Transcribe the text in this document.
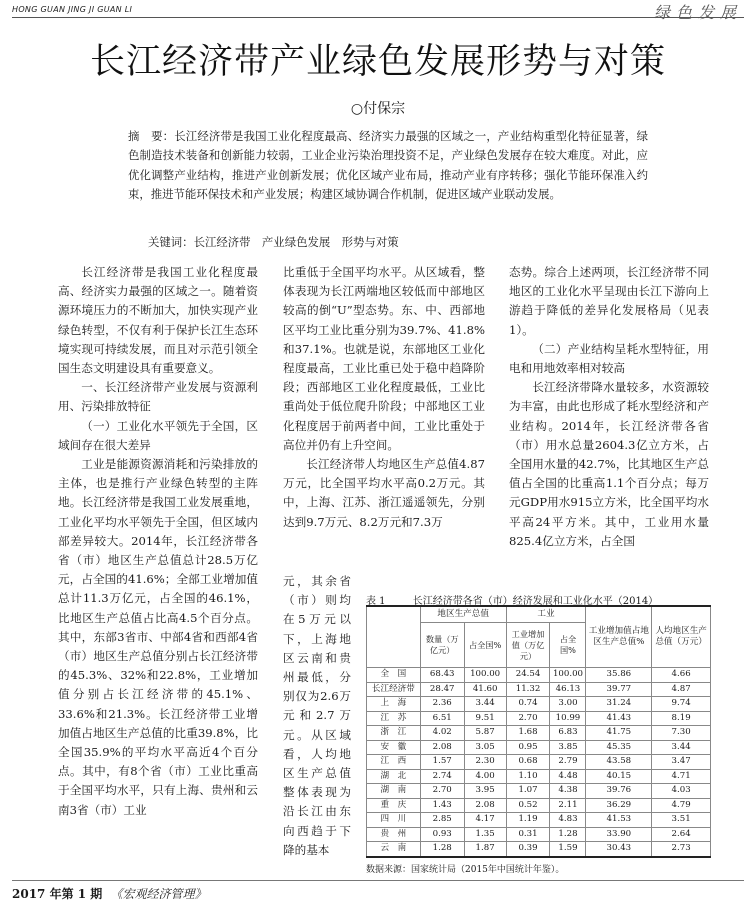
HONG GUAN JING JI GUAN LI	绿色发展
长江经济带产业绿色发展形势与对策
○付保宗
摘　要：长江经济带是我国工业化程度最高、经济实力最强的区域之一，产业结构重型化特征显著，绿色制造技术装备和创新能力较弱，工业企业污染治理投资不足，产业绿色发展存在较大难度。对此，应优化调整产业结构，推进产业创新发展；优化区域产业布局，推动产业有序转移；强化节能环保准入约束，推进节能环保技术和产业发展；构建区域协调合作机制，促进区域产业联动发展。
关键词：长江经济带　产业绿色发展　形势与对策

长江经济带是我国工业化程度最高、经济实力最强的区域之一。随着资源环境压力的不断加大，加快实现产业绿色转型，不仅有利于保护长江生态环境实现可持续发展，而且对示范引领全国生态文明建设具有重要意义。

一、长江经济带产业发展与资源利用、污染排放特征

（一）工业化水平领先于全国，区域间存在很大差异

工业是能源资源消耗和污染排放的主体，也是推行产业绿色转型的主阵地。长江经济带是我国工业发展重地，工业化平均水平领先于全国，但区域内部差异较大。2014年，长江经济带各省（市）地区生产总值总计28.5万亿元，占全国的41.6%；全部工业增加值总计11.3万亿元，占全国的46.1%，比地区生产总值占比高4.5个百分点。其中，东部3省市、中部4省和西部4省（市）地区生产总值分别占长江经济带的45.3%、32%和22.8%，工业增加值分别占长江经济带的45.1%、33.6%和21.3%。长江经济带工业增加值占地区生产总值的比重39.8%，比全国35.9%的平均水平高近4个百分点。其中，有8个省（市）工业比重高于全国平均水平，只有上海、贵州和云南3省（市）工业

比重低于全国平均水平。从区域看，整体表现为长江两端地区较低而中部地区较高的倒“U”型态势。东、中、西部地区平均工业比重分别为39.7%、41.8%和37.1%。也就是说，东部地区工业化程度最高，工业比重已处于稳中趋降阶段；西部地区工业化程度最低，工业比重尚处于低位爬升阶段；中部地区工业化程度居于前两者中间，工业比重处于高位并仍有上升空间。

长江经济带人均地区生产总值4.87万元，比全国平均水平高0.2万元。其中，上海、江苏、浙江遥遥领先，分别达到9.7万元、8.2万元和7.3万

元，其余省（市）则均在5万元以下，上海地区云南和贵州最低，分别仅为2.6万元和2.7万元。从区域看，人均地区生产总值整体表现为沿长江由东向西趋于下降的基本

态势。综合上述两项，长江经济带不同地区的工业化水平呈现由长江下游向上游趋于降低的差异化发展格局（见表1）。

（二）产业结构呈耗水型特征，用电和用地效率相对较高

长江经济带降水量较多，水资源较为丰富，由此也形成了耗水型经济和产业结构。2014年，长江经济带各省（市）用水总量2604.3亿立方米，占全国用水量的42.7%，比其地区生产总值占全国的比重高1.1个百分点；每万元GDP用水915立方米，比全国平均水平高24平方米。其中，工业用水量825.4亿立方米，占全国

表 1	长江经济带各省（市）经济发展和工业化水平（2014）
	地区生产总值		工业		工业增加值占地区生产总值%	人均地区生产总值（万元）
	数量（万亿元）	占全国%	工业增加值（万亿元）	占全国%		
全　国	68.43	100.00	24.54	100.00	35.86	4.66
长江经济带	28.47	41.60	11.32	46.13	39.77	4.87
上　海	2.36	3.44	0.74	3.00	31.24	9.74
江　苏	6.51	9.51	2.70	10.99	41.43	8.19
浙　江	4.02	5.87	1.68	6.83	41.75	7.30
安　徽	2.08	3.05	0.95	3.85	45.35	3.44
江　西	1.57	2.30	0.68	2.79	43.58	3.47
湖　北	2.74	4.00	1.10	4.48	40.15	4.71
湖　南	2.70	3.95	1.07	4.38	39.76	4.03
重　庆	1.43	2.08	0.52	2.11	36.29	4.79
四　川	2.85	4.17	1.19	4.83	41.53	3.51
贵　州	0.93	1.35	0.31	1.28	33.90	2.64
云　南	1.28	1.87	0.39	1.59	30.43	2.73
数据来源：国家统计局（2015年中国统计年鉴）。
2017 年第 1 期 《宏观经济管理》
